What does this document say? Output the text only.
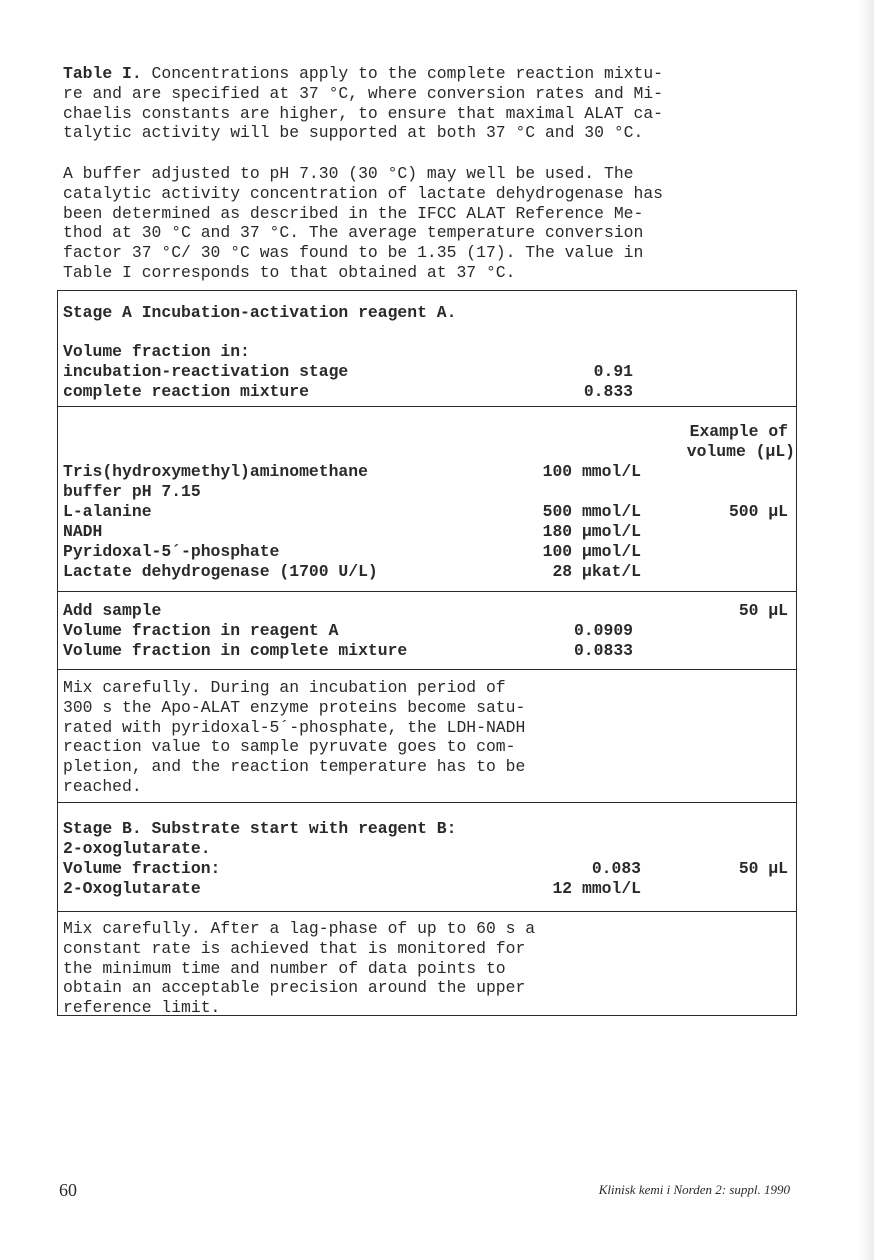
Table I. Concentrations apply to the complete reaction mixtu-
re and are specified at 37 °C, where conversion rates and Mi-
chaelis constants are higher, to ensure that maximal ALAT ca-
talytic activity will be supported at both 37 °C and 30 °C.

A buffer adjusted to pH 7.30 (30 °C) may well be used. The
catalytic activity concentration of lactate dehydrogenase has
been determined as described in the IFCC ALAT Reference Me-
thod at 30 °C and 37 °C. The average temperature conversion
factor 37 °C/ 30 °C was found to be 1.35 (17). The value in
Table I corresponds to that obtained at 37 °C.

Stage A Incubation-activation reagent A.
Volume fraction in:
incubation-reactivation stage	0.91
complete reaction mixture	0.833
Example of
volume (µL)
Tris(hydroxymethyl)aminomethane	100 mmol/L
buffer pH 7.15
L-alanine	500 mmol/L	500 µL
NADH	180 µmol/L
Pyridoxal-5´-phosphate	100 µmol/L
Lactate dehydrogenase (1700 U/L)	28 µkat/L
Add sample	50 µL
Volume fraction in reagent A	0.0909
Volume fraction in complete mixture	0.0833

Mix carefully. During an incubation period of
300 s the Apo-ALAT enzyme proteins become satu-
rated with pyridoxal-5´-phosphate, the LDH-NADH
reaction value to sample pyruvate goes to com-
pletion, and the reaction temperature has to be
reached.

Stage B. Substrate start with reagent B:
2-oxoglutarate.
Volume fraction:	0.083	50 µL
2-Oxoglutarate	12 mmol/L

Mix carefully. After a lag-phase of up to 60 s a
constant rate is achieved that is monitored for
the minimum time and number of data points to
obtain an acceptable precision around the upper
reference limit.

60	Klinisk kemi i Norden 2: suppl. 1990
